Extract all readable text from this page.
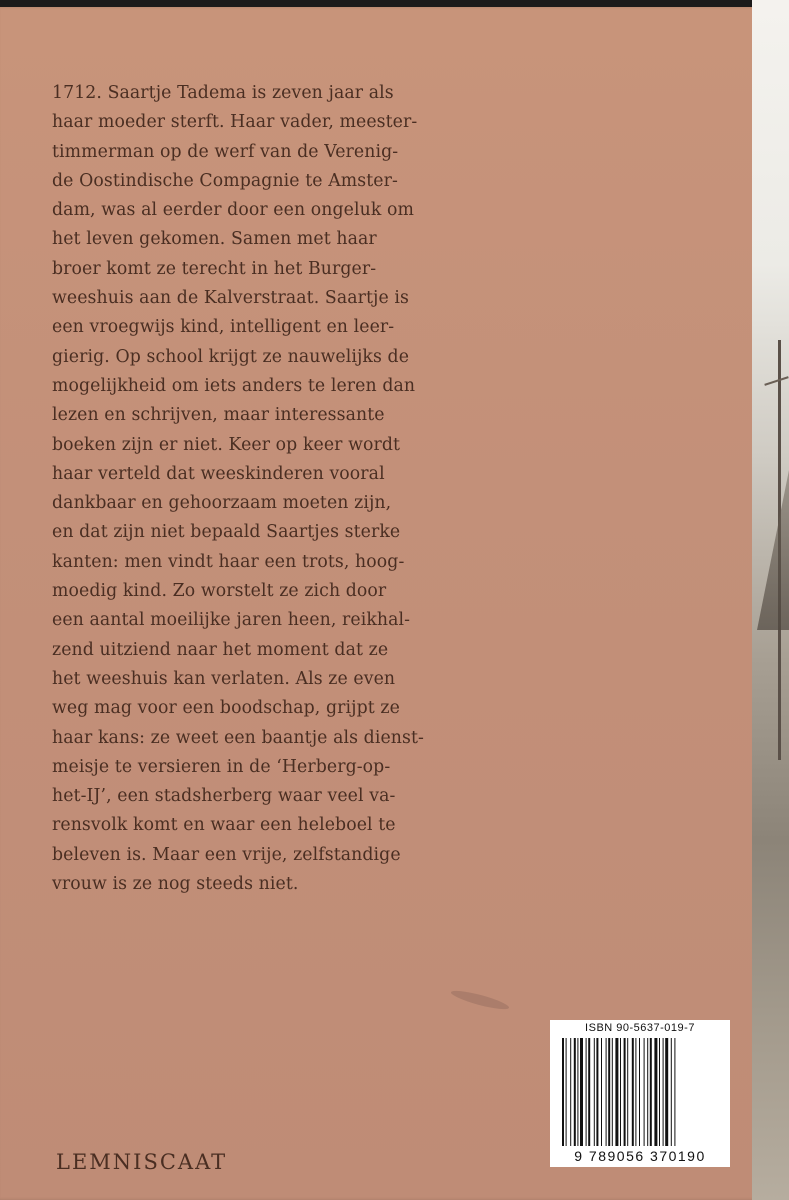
1712. Saartje Tadema is zeven jaar als
haar moeder sterft. Haar vader, meester-
timmerman op de werf van de Verenig-
de Oostindische Compagnie te Amster-
dam, was al eerder door een ongeluk om
het leven gekomen. Samen met haar
broer komt ze terecht in het Burger-
weeshuis aan de Kalverstraat. Saartje is
een vroegwijs kind, intelligent en leer-
gierig. Op school krijgt ze nauwelijks de
mogelijkheid om iets anders te leren dan
lezen en schrijven, maar interessante
boeken zijn er niet. Keer op keer wordt
haar verteld dat weeskinderen vooral
dankbaar en gehoorzaam moeten zijn,
en dat zijn niet bepaald Saartjes sterke
kanten: men vindt haar een trots, hoog-
moedig kind. Zo worstelt ze zich door
een aantal moeilijke jaren heen, reikhal-
zend uitziend naar het moment dat ze
het weeshuis kan verlaten. Als ze even
weg mag voor een boodschap, grijpt ze
haar kans: ze weet een baantje als dienst-
meisje te versieren in de ‘Herberg-op-
het-IJ’, een stadsherberg waar veel va-
rensvolk komt en waar een heleboel te
beleven is. Maar een vrije, zelfstandige
vrouw is ze nog steeds niet.

LEMNISCAAT
ISBN 90-5637-019-7
9 789056 370190
